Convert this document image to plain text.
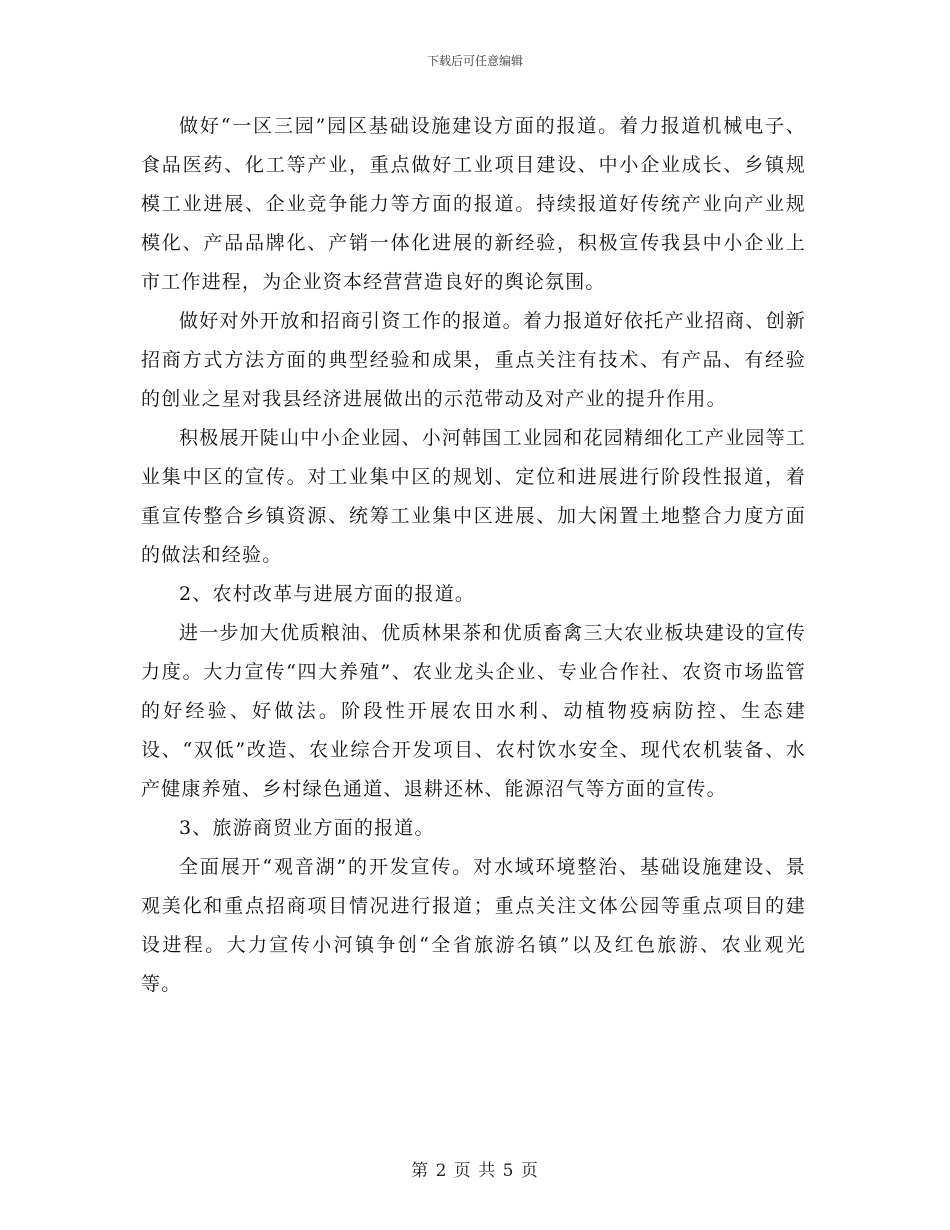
下载后可任意编辑

做好“一区三园”园区基础设施建设方面的报道。着力报道机械电子、食品医药、化工等产业，重点做好工业项目建设、中小企业成长、乡镇规模工业进展、企业竞争能力等方面的报道。持续报道好传统产业向产业规模化、产品品牌化、产销一体化进展的新经验，积极宣传我县中小企业上市工作进程，为企业资本经营营造良好的舆论氛围。

做好对外开放和招商引资工作的报道。着力报道好依托产业招商、创新招商方式方法方面的典型经验和成果，重点关注有技术、有产品、有经验的创业之星对我县经济进展做出的示范带动及对产业的提升作用。

积极展开陡山中小企业园、小河韩国工业园和花园精细化工产业园等工业集中区的宣传。对工业集中区的规划、定位和进展进行阶段性报道，着重宣传整合乡镇资源、统筹工业集中区进展、加大闲置土地整合力度方面的做法和经验。

2、农村改革与进展方面的报道。

进一步加大优质粮油、优质林果茶和优质畜禽三大农业板块建设的宣传力度。大力宣传“四大养殖”、农业龙头企业、专业合作社、农资市场监管的好经验、好做法。阶段性开展农田水利、动植物疫病防控、生态建设、“双低”改造、农业综合开发项目、农村饮水安全、现代农机装备、水产健康养殖、乡村绿色通道、退耕还林、能源沼气等方面的宣传。

3、旅游商贸业方面的报道。

全面展开“观音湖”的开发宣传。对水域环境整治、基础设施建设、景观美化和重点招商项目情况进行报道；重点关注文体公园等重点项目的建设进程。大力宣传小河镇争创“全省旅游名镇”以及红色旅游、农业观光等。

第 2 页 共 5 页
